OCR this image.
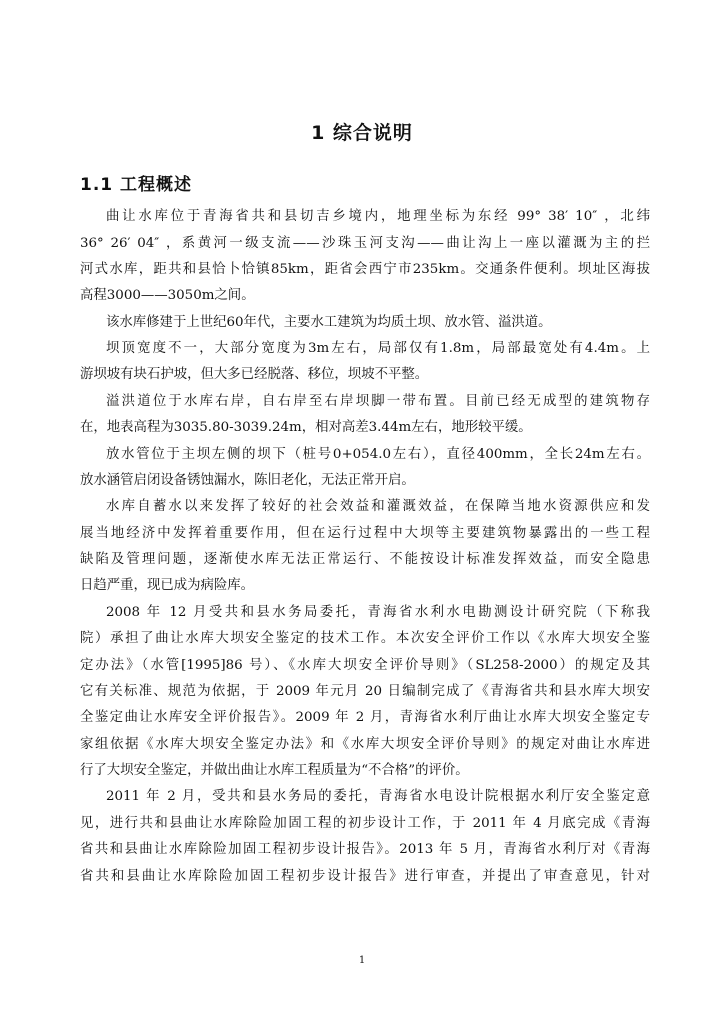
1 综合说明
1.1 工程概述
曲让水库位于青海省共和县切吉乡境内，地理坐标为东经 99° 38′ 10″ ，北纬
36° 26′ 04″ ，系黄河一级支流——沙珠玉河支沟——曲让沟上一座以灌溉为主的拦
河式水库，距共和县恰卜恰镇85km，距省会西宁市235km。交通条件便利。坝址区海拔
高程3000——3050m之间。
该水库修建于上世纪60年代，主要水工建筑为均质土坝、放水管、溢洪道。
坝顶宽度不一，大部分宽度为3m左右，局部仅有1.8m，局部最宽处有4.4m。上
游坝坡有块石护坡，但大多已经脱落、移位，坝坡不平整。
溢洪道位于水库右岸，自右岸至右岸坝脚一带布置。目前已经无成型的建筑物存
在，地表高程为3035.80-3039.24m，相对高差3.44m左右，地形较平缓。
放水管位于主坝左侧的坝下（桩号0+054.0左右），直径400mm，全长24m左右。
放水涵管启闭设备锈蚀漏水，陈旧老化，无法正常开启。
水库自蓄水以来发挥了较好的社会效益和灌溉效益，在保障当地水资源供应和发
展当地经济中发挥着重要作用，但在运行过程中大坝等主要建筑物暴露出的一些工程
缺陷及管理问题，逐渐使水库无法正常运行、不能按设计标准发挥效益，而安全隐患
日趋严重，现已成为病险库。
2008 年 12 月受共和县水务局委托，青海省水利水电勘测设计研究院（下称我
院）承担了曲让水库大坝安全鉴定的技术工作。本次安全评价工作以《水库大坝安全鉴
定办法》（水管[1995]86 号）、《水库大坝安全评价导则》（SL258-2000）的规定及其
它有关标准、规范为依据，于 2009 年元月 20 日编制完成了《青海省共和县水库大坝安
全鉴定曲让水库安全评价报告》。2009 年 2 月，青海省水利厅曲让水库大坝安全鉴定专
家组依据《水库大坝安全鉴定办法》和《水库大坝安全评价导则》的规定对曲让水库进
行了大坝安全鉴定，并做出曲让水库工程质量为“不合格”的评价。
2011 年 2 月，受共和县水务局的委托，青海省水电设计院根据水利厅安全鉴定意
见，进行共和县曲让水库除险加固工程的初步设计工作，于 2011 年 4 月底完成《青海
省共和县曲让水库除险加固工程初步设计报告》。2013 年 5 月，青海省水利厅对《青海
省共和县曲让水库除险加固工程初步设计报告》进行审查，并提出了审查意见，针对
1
